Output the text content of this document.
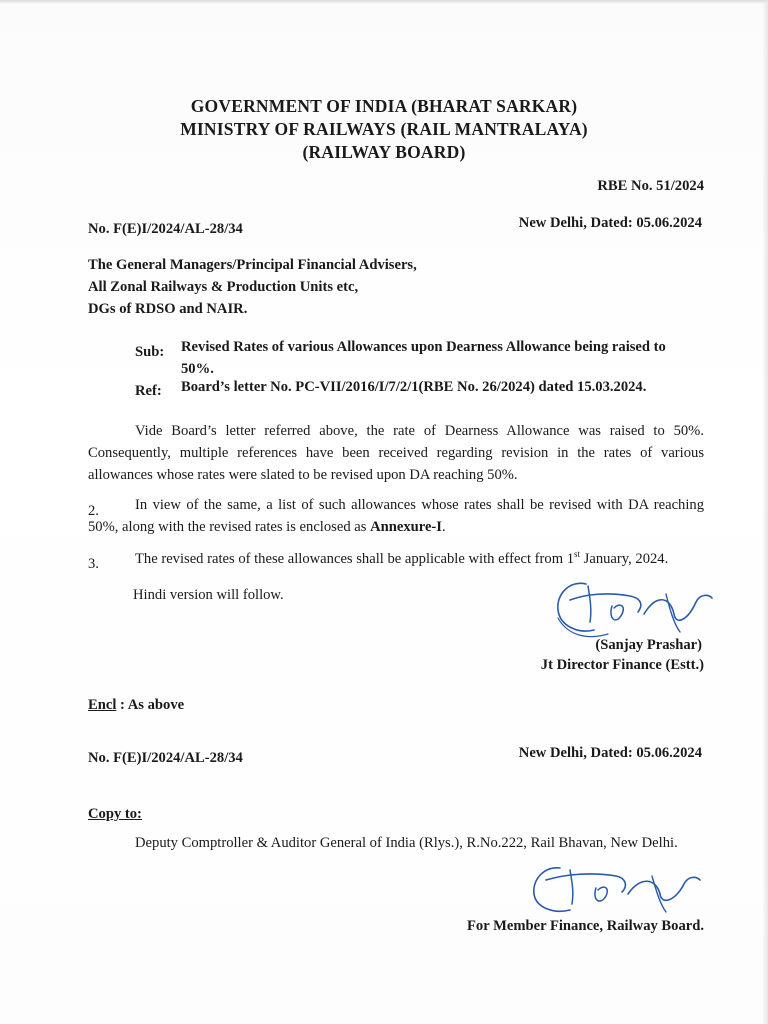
GOVERNMENT OF INDIA (BHARAT SARKAR)
MINISTRY OF RAILWAYS (RAIL MANTRALAYA)
(RAILWAY BOARD)
RBE No. 51/2024
No. F(E)I/2024/AL-28/34	New Delhi, Dated: 05.06.2024
The General Managers/Principal Financial Advisers,
All Zonal Railways & Production Units etc,
DGs of RDSO and NAIR.
Sub: Revised Rates of various Allowances upon Dearness Allowance being raised to
50%.
Ref: Board’s letter No. PC-VII/2016/I/7/2/1(RBE No. 26/2024) dated 15.03.2024.
Vide Board’s letter referred above, the rate of Dearness Allowance was raised to 50%. Consequently, multiple references have been received regarding revision in the rates of various allowances whose rates were slated to be revised upon DA reaching 50%.
2.	In view of the same, a list of such allowances whose rates shall be revised with DA reaching 50%, along with the revised rates is enclosed as Annexure-I.
3. The revised rates of these allowances shall be applicable with effect from 1st January, 2024.
Hindi version will follow.
(Sanjay Prashar)
Jt Director Finance (Estt.)
Encl : As above
No. F(E)I/2024/AL-28/34	New Delhi, Dated: 05.06.2024
Copy to:
Deputy Comptroller & Auditor General of India (Rlys.), R.No.222, Rail Bhavan, New Delhi.
For Member Finance, Railway Board.
